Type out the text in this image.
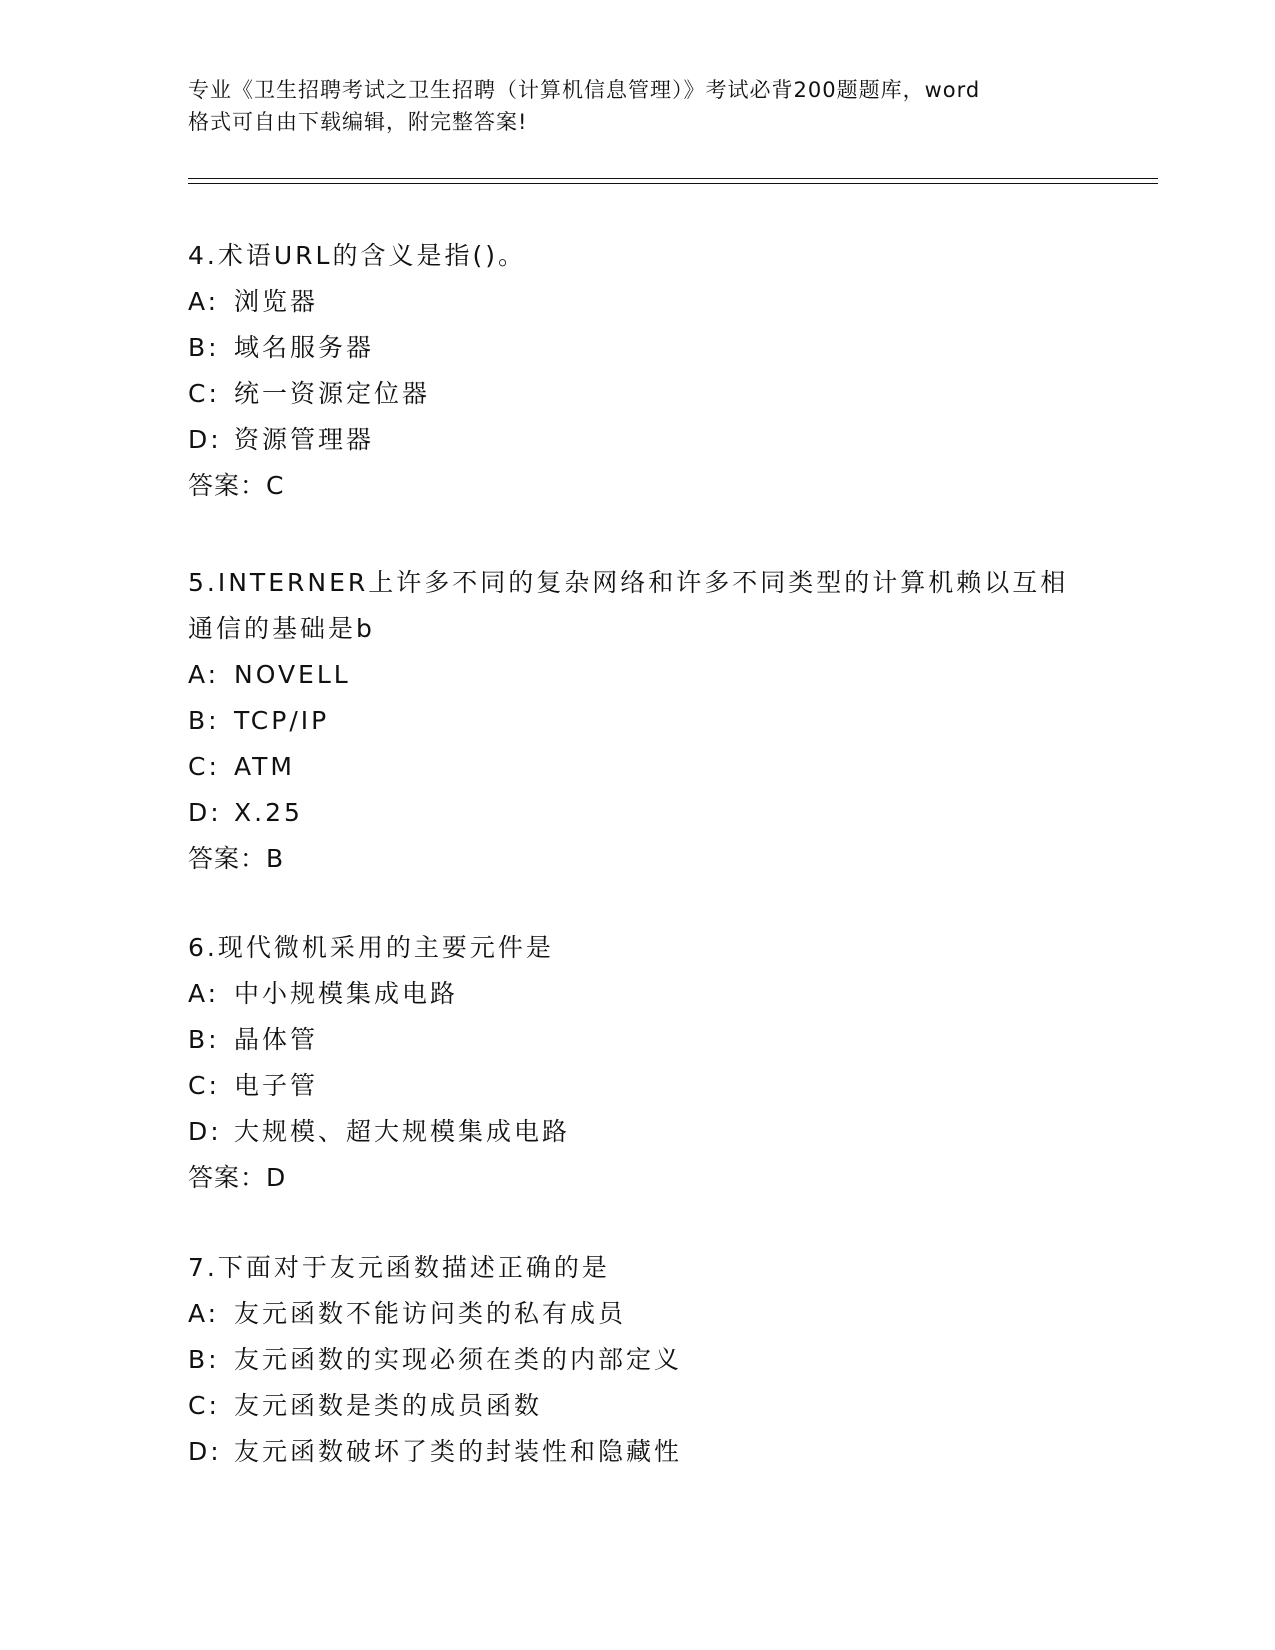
专业《卫生招聘考试之卫生招聘（计算机信息管理）》考试必背200题题库，word
格式可自由下载编辑，附完整答案!
4.术语URL的含义是指()。
A: 浏览器
B: 域名服务器
C: 统一资源定位器
D: 资源管理器
答案：C
5.INTERNER上许多不同的复杂网络和许多不同类型的计算机赖以互相
通信的基础是b
A: NOVELL
B: TCP/IP
C: ATM
D: X.25
答案：B
6.现代微机采用的主要元件是
A: 中小规模集成电路
B: 晶体管
C: 电子管
D: 大规模、超大规模集成电路
答案：D
7.下面对于友元函数描述正确的是
A: 友元函数不能访问类的私有成员
B: 友元函数的实现必须在类的内部定义
C: 友元函数是类的成员函数
D: 友元函数破坏了类的封装性和隐藏性
